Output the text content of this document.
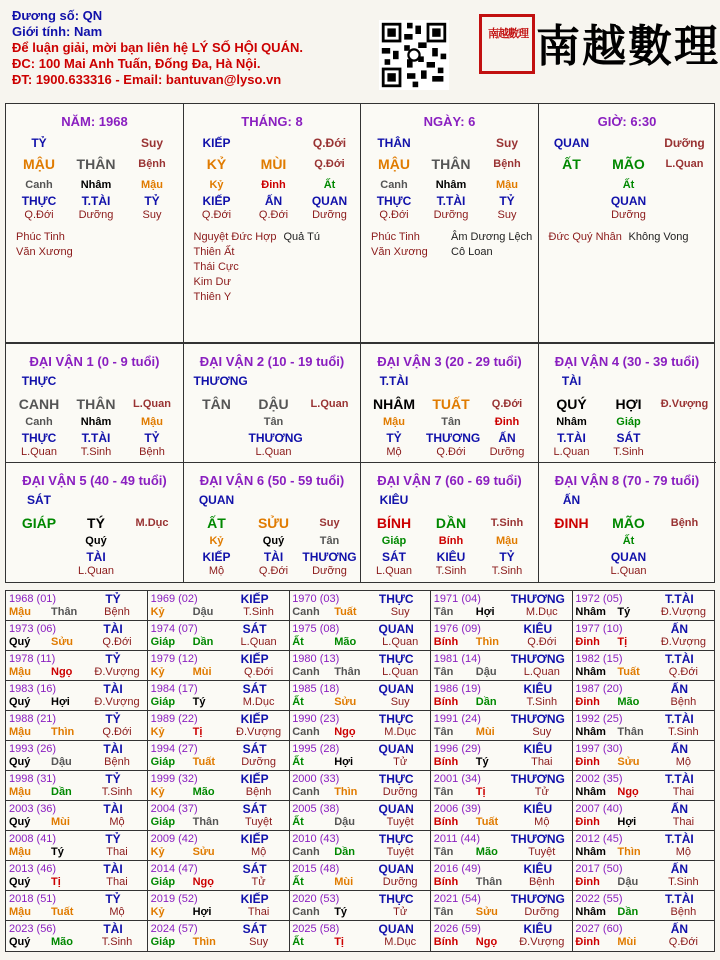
Đương số: QN
Giới tính: Nam
Để luận giải, mời bạn liên hệ LÝ SỐ HỘI QUÁN.
ĐC: 100 Mai Anh Tuấn, Đống Đa, Hà Nội.
ĐT: 1900.633316 - Email: bantuvan@lyso.vn
南越數理 南越數理
NĂM: 1968
TỶ	Suy
MẬU	THÂN	Bệnh
Canh	Nhâm	Mậu
THỰC	T.TÀI	TỶ
Q.Đới	Dưỡng	Suy
Phúc Tinh
Văn Xương
THÁNG: 8
KIẾP	Q.Đới
KỶ	MÙI	Q.Đới
Kỷ	Đinh	Ất
KIẾP	ẤN	QUAN
Q.Đới	Q.Đới	Dưỡng
Nguyệt Đức Hợp
Thiên Ất
Thái Cực
Kim Dư
Thiên Y
Quả Tú
NGÀY: 6
THÂN	Suy
MẬU	THÂN	Bệnh
Canh	Nhâm	Mậu
THỰC	T.TÀI	TỶ
Q.Đới	Dưỡng	Suy
Phúc Tinh
Văn Xương
Âm Dương Lệch
Cô Loan
GIỜ: 6:30
QUAN	Dưỡng
ẤT	MÃO	L.Quan
Ất
QUAN
Dưỡng
Đức Quý Nhân Không Vong
ĐẠI VẬN 1 (0 - 9 tuổi)
THỰC
CANH	THÂN	L.Quan
Canh	Nhâm	Mậu
THỰC	T.TÀI	TỶ
L.Quan	T.Sinh	Bệnh
ĐẠI VẬN 2 (10 - 19 tuổi)
THƯƠNG
TÂN	DẬU	L.Quan
Tân
THƯƠNG
L.Quan
ĐẠI VẬN 3 (20 - 29 tuổi)
T.TÀI
NHÂM	TUẤT	Q.Đới
Mậu	Tân	Đinh
TỶ	THƯƠNG	ẤN
Mộ	Q.Đới	Dưỡng
ĐẠI VẬN 4 (30 - 39 tuổi)
TÀI
QUÝ	HỢI	Đ.Vượng
Nhâm	Giáp
T.TÀI	SÁT
L.Quan	T.Sinh
ĐẠI VẬN 5 (40 - 49 tuổi)
SÁT
GIÁP	TÝ	M.Dục
Quý
TÀI
L.Quan
ĐẠI VẬN 6 (50 - 59 tuổi)
QUAN
ẤT	SỬU	Suy
Kỷ	Quý	Tân
KIẾP	TÀI	THƯƠNG
Mộ	Q.Đới	Dưỡng
ĐẠI VẬN 7 (60 - 69 tuổi)
KIÊU
BÍNH	DẦN	T.Sinh
Giáp	Bính	Mậu
SÁT	KIÊU	TỶ
L.Quan	T.Sinh	T.Sinh
ĐẠI VẬN 8 (70 - 79 tuổi)
ẤN
ĐINH	MÃO	Bệnh
Ất
QUAN
L.Quan
1968 (01)	TỶ
Mậu Thân	Bệnh
1969 (02)	KIẾP
Kỷ	Dậu	T.Sinh
1970 (03)	THỰC
Canh Tuất	Suy
1971 (04)	THƯƠNG
Tân Hợi	M.Dục
1972 (05)	T.TÀI
Nhâm Tý	Đ.Vượng
1973 (06)	TÀI
Quý Sửu	Q.Đới
1974 (07)	SÁT
Giáp Dần	L.Quan
1975 (08)	QUAN
Ất	Mão	L.Quan
1976 (09)	KIÊU
Bính Thìn	Q.Đới
1977 (10)	ẤN
Đinh Tị	Đ.Vượng
1978 (11)	TỶ
Mậu Ngọ	Đ.Vượng
1979 (12)	KIẾP
Kỷ	Mùi	Q.Đới
1980 (13)	THỰC
Canh Thân	L.Quan
1981 (14)	THƯƠNG
Tân Dậu	L.Quan
1982 (15)	T.TÀI
Nhâm Tuất	Q.Đới
1983 (16)	TÀI
Quý Hợi	Đ.Vượng
1984 (17)	SÁT
Giáp Tý	M.Dục
1985 (18)	QUAN
Ất	Sửu	Suy
1986 (19)	KIÊU
Bính Dần	T.Sinh
1987 (20)	ẤN
Đinh Mão	Bệnh
1988 (21)	TỶ
Mậu Thìn	Q.Đới
1989 (22)	KIẾP
Kỷ	Tị	Đ.Vượng
1990 (23)	THỰC
Canh Ngọ	M.Dục
1991 (24)	THƯƠNG
Tân Mùi	Suy
1992 (25)	T.TÀI
Nhâm Thân	T.Sinh
1993 (26)	TÀI
Quý Dậu	Bệnh
1994 (27)	SÁT
Giáp Tuất	Dưỡng
1995 (28)	QUAN
Ất	Hợi	Tử
1996 (29)	KIÊU
Bính Tý	Thai
1997 (30)	ẤN
Đinh Sửu	Mộ
1998 (31)	TỶ
Mậu Dần	T.Sinh
1999 (32)	KIẾP
Kỷ	Mão	Bệnh
2000 (33)	THỰC
Canh Thìn	Dưỡng
2001 (34)	THƯƠNG
Tân Tị	Tử
2002 (35)	T.TÀI
Nhâm Ngọ	Thai
2003 (36)	TÀI
Quý Mùi	Mộ
2004 (37)	SÁT
Giáp Thân	Tuyệt
2005 (38)	QUAN
Ất	Dậu	Tuyệt
2006 (39)	KIÊU
Bính Tuất	Mộ
2007 (40)	ẤN
Đinh Hợi	Thai
2008 (41)	TỶ
Mậu Tý	Thai
2009 (42)	KIẾP
Kỷ	Sửu	Mộ
2010 (43)	THỰC
Canh Dần	Tuyệt
2011 (44)	THƯƠNG
Tân Mão	Tuyệt
2012 (45)	T.TÀI
Nhâm Thìn	Mộ
2013 (46)	TÀI
Quý Tị	Thai
2014 (47)	SÁT
Giáp Ngọ	Tử
2015 (48)	QUAN
Ất	Mùi	Dưỡng
2016 (49)	KIÊU
Bính Thân	Bệnh
2017 (50)	ẤN
Đinh Dậu	T.Sinh
2018 (51)	TỶ
Mậu Tuất	Mộ
2019 (52)	KIẾP
Kỷ	Hợi	Thai
2020 (53)	THỰC
Canh Tý	Tử
2021 (54)	THƯƠNG
Tân Sửu	Dưỡng
2022 (55)	T.TÀI
Nhâm Dần	Bệnh
2023 (56)	TÀI
Quý Mão	T.Sinh
2024 (57)	SÁT
Giáp Thìn	Suy
2025 (58)	QUAN
Ất	Tị	M.Dục
2026 (59)	KIÊU
Bính Ngọ	Đ.Vượng
2027 (60)	ẤN
Đinh Mùi	Q.Đới
